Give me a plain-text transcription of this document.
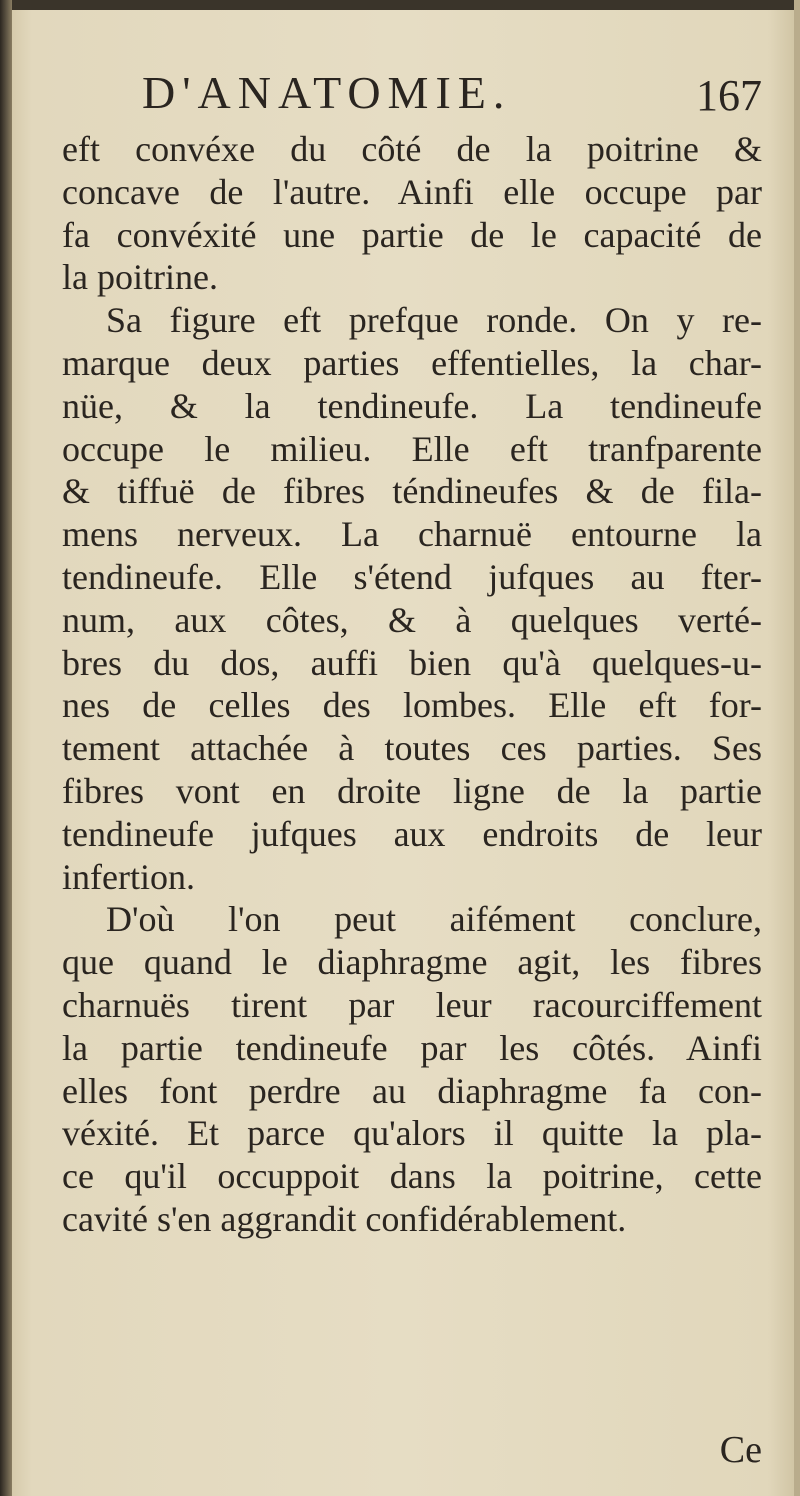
D'ANATOMIE.	167
eft convéxe du côté de la poitrine &
concave de l'autre. Ainfi elle occupe par
fa convéxité une partie de le capacité de
la poitrine.
Sa figure eft prefque ronde. On y re-
marque deux parties effentielles, la char-
nüe, & la tendineufe. La tendineufe
occupe le milieu. Elle eft tranfparente
& tiffuë de fibres téndineufes & de fila-
mens nerveux. La charnuë entourne la
tendineufe. Elle s'étend jufques au fter-
num, aux côtes, & à quelques verté-
bres du dos, auffi bien qu'à quelques-u-
nes de celles des lombes. Elle eft for-
tement attachée à toutes ces parties. Ses
fibres vont en droite ligne de la partie
tendineufe jufques aux endroits de leur
infertion.
D'où l'on peut aifément conclure,
que quand le diaphragme agit, les fibres
charnuës tirent par leur racourciffement
la partie tendineufe par les côtés. Ainfi
elles font perdre au diaphragme fa con-
véxité. Et parce qu'alors il quitte la pla-
ce qu'il occuppoit dans la poitrine, cette
cavité s'en aggrandit confidérablement.
Ce
